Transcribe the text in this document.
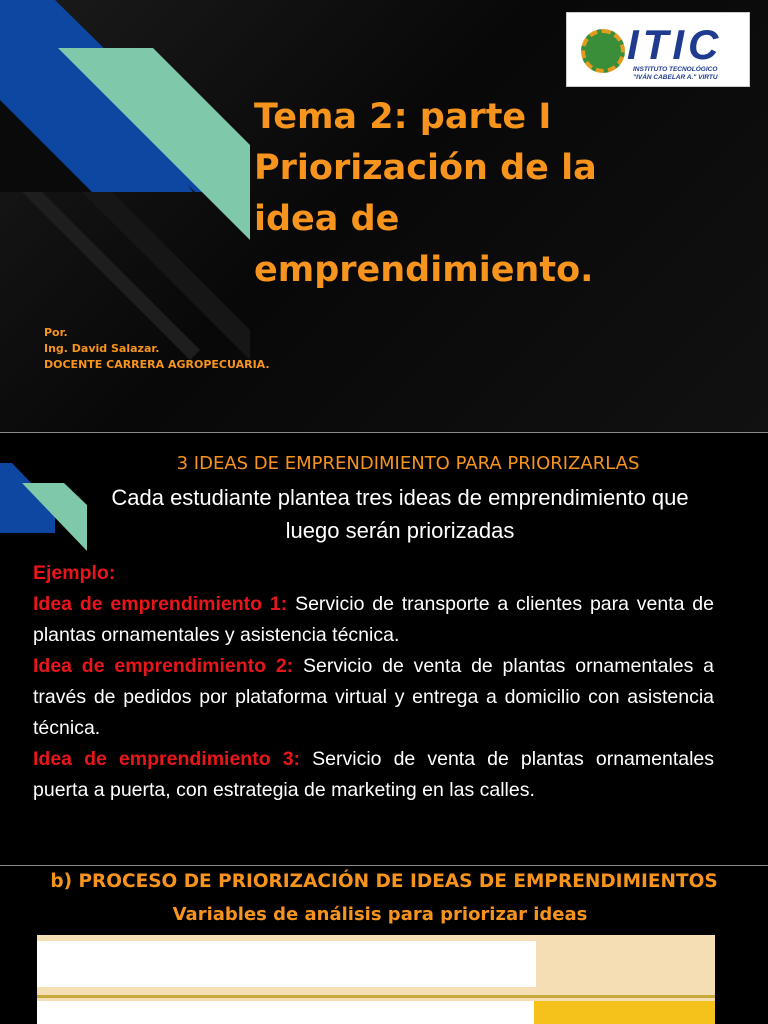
ITIC
INSTITUTO TECNOLÓGICO
"IVÁN CABELAR A." VIRTU
Tema 2: parte I
Priorización de la
idea de
emprendimiento.
Por.
Ing. David Salazar.
DOCENTE CARRERA AGROPECUARIA.
3 IDEAS DE EMPRENDIMIENTO PARA PRIORIZARLAS
Cada estudiante plantea tres ideas de emprendimiento que luego serán priorizadas

Ejemplo:

Idea de emprendimiento 1: Servicio de transporte a clientes para venta de plantas ornamentales y asistencia técnica.

Idea de emprendimiento 2: Servicio de venta de plantas ornamentales a través de pedidos por plataforma virtual y entrega a domicilio con asistencia técnica.

Idea de emprendimiento 3: Servicio de venta de plantas ornamentales puerta a puerta, con estrategia de marketing en las calles.

b) PROCESO DE PRIORIZACIÓN DE IDEAS DE EMPRENDIMIENTOS
Variables de análisis para priorizar ideas
